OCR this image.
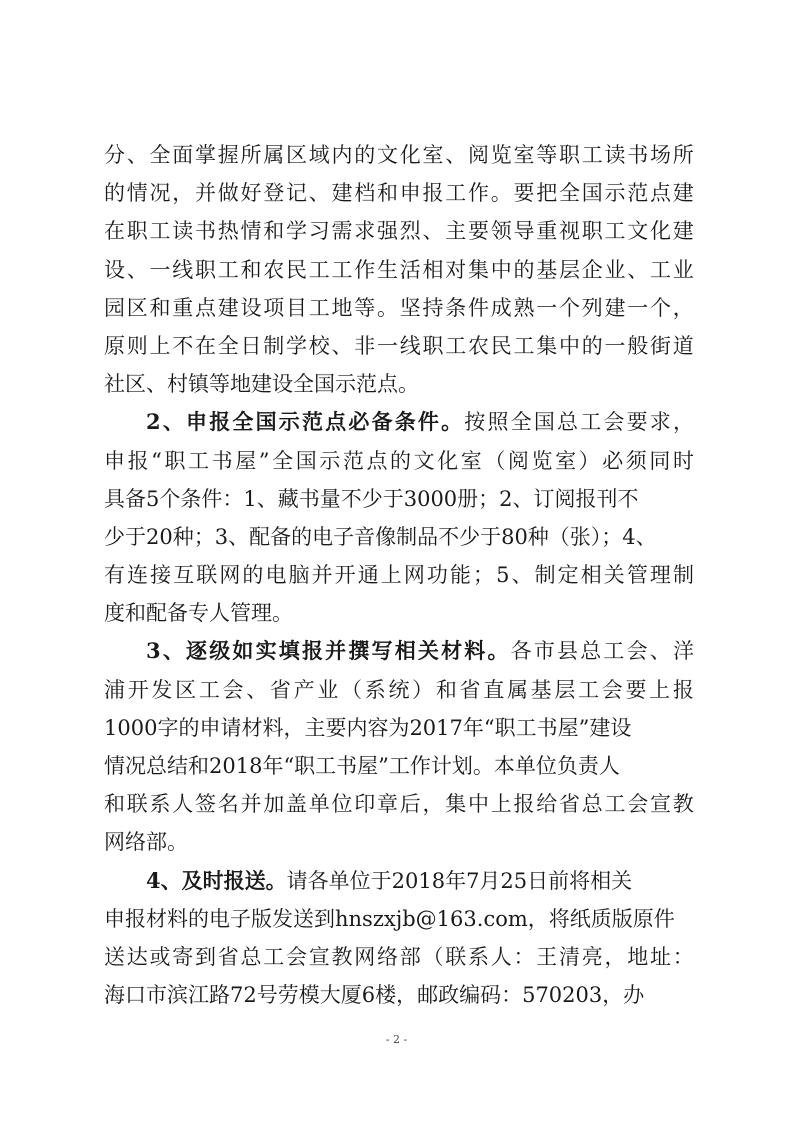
分 、 全 面 掌 握 所 属 区 域 内 的 文 化 室 、 阅 览 室 等 职 工 读 书 场 所
的 情 况 ， 并 做 好 登 记 、 建 档 和 申 报 工 作 。 要 把 全 国 示 范 点 建
在 职 工 读 书 热 情 和 学 习 需 求 强 烈 、 主 要 领 导 重 视 职 工 文 化 建
设 、 一 线 职 工 和 农 民 工 工 作 生 活 相 对 集 中 的 基 层 企 业 、 工 业
园 区 和 重 点 建 设 项 目 工 地 等 。 坚 持 条 件 成 熟 一 个 列 建 一 个 ，
原 则 上 不 在 全 日 制 学 校 、 非 一 线 职 工 农 民 工 集 中 的 一 般 街 道
社区、村镇等地建设全国示范点。
2 、 申 报 全 国 示 范 点 必 备 条 件 。 按 照 全 国 总 工 会 要 求 ，
申 报 “ 职 工 书 屋 ” 全 国 示 范 点 的 文 化 室 （ 阅 览 室 ） 必 须 同 时
具备5个条件：1、藏书量不少于3000册；2、订阅报刊不
少于20种；3、配备的电子音像制品不少于80种（张）；4、
有 连 接 互 联 网 的 电 脑 并 开 通 上 网 功 能 ； 5 、 制 定 相 关 管 理 制
度和配备专人管理。
3 、 逐 级 如 实 填 报 并 撰 写 相 关 材 料 。 各 市 县 总 工 会 、 洋
浦 开 发 区 工 会 、 省 产 业 （ 系 统 ） 和 省 直 属 基 层 工 会 要 上 报
1000字的申请材料，主要内容为2017年“职工书屋”建设
情况总结和2018年“职工书屋”工作计划。本单位负责人
和 联 系 人 签 名 并 加 盖 单 位 印 章 后 ， 集 中 上 报 给 省 总 工 会 宣 教
网络部。
4、及时报送。请各单位于2018年7月25日前将相关
申报材料的电子版发送到hnszxjb@163.com，将纸质版原件
送 达 或 寄 到 省 总 工 会 宣 教 网 络 部 （ 联 系 人 ： 王 清 亮 ， 地 址 ：
海口市滨江路72号劳模大厦6楼，邮政编码：570203，办
- 2 -
